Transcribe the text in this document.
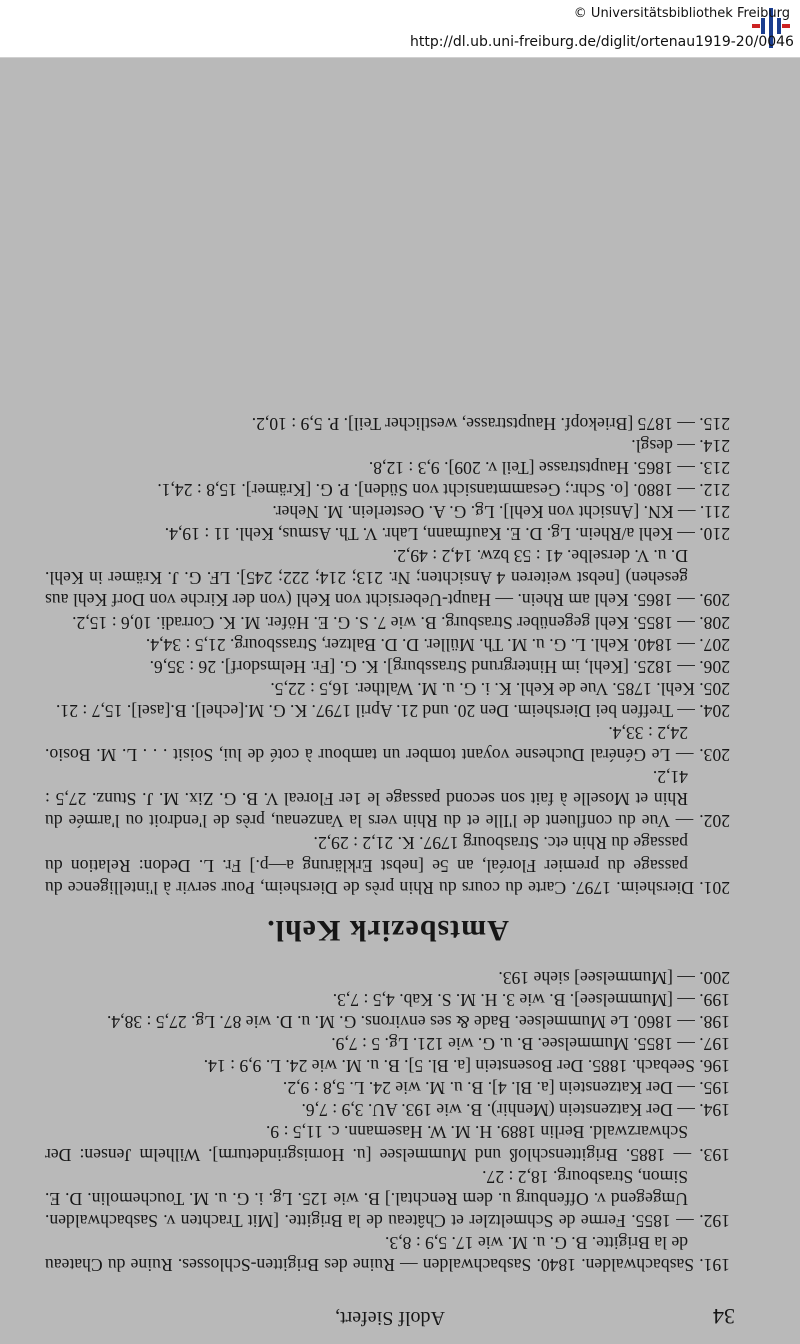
© Universitätsbibliothek Freiburg
http://dl.ub.uni-freiburg.de/diglit/ortenau1919-20/0046
34
Adolf Siefert,
191. Sasbachwalden. 1840. Sasbachwalden — Ruine des Brigitten-Schlosses. Ruine du Chateau de la Brigitte. B. G. u. M. wie 17. 5,9 : 8,3.
192. — 1855. Ferme de Schmeltzler et Château de la Brigitte. [Mit Trachten v. Sasbachwalden. Umgegend v. Offenburg u. dem Renchtal.] B. wie 125. Lg. i. G. u. M. Touchemolin. D. E. Simon, Strasbourg. 18,2 : 27.
193. — 1885. Brigittenschloß und Mummelsee [u. Hornisgrindeturm]. Wilhelm Jensen: Der Schwarzwald. Berlin 1889. H. M. W. Hasemann. c. 11,5 : 9.
194. — Der Katzenstein (Menhir). B. wie 193. AU. 3,9 : 7,6.
195. — Der Katzenstein [a. Bl. 4]. B. u. M. wie 24. L. 5,8 : 9,2.
196. Seebach. 1885. Der Bosenstein [a. Bl. 5]. B. u. M. wie 24. L. 9,9 : 14.
197. — 1855. Mummelsee. B. u. G. wie 121. Lg. 5 : 7,9.
198. — 1860. Le Mummelsee. Bade & ses environs. G. M. u. D. wie 87. Lg. 27,5 : 38,4.
199. — [Mummelsee]. B. wie 3. H. M. S. Kab. 4,5 : 7,3.
200. — [Mummelsee] siehe 193.
Amtsbezirk Kehl.
201. Diersheim. 1797. Carte du cours du Rhin près de Diersheim, Pour servir à l'intelligence du passage du premier Floréal, an 5e [nebst Erklärung a—p.] Fr. L. Dedon: Relation du passage du Rhin etc. Strasbourg 1797. K. 21,2 : 29,2.
202. — Vue du confluent de l'Ille et du Rhin vers la Vanzenau, près de l'endroit ou l'armée du Rhin et Moselle à fait son second passage le 1er Floreal V. B. G. Zix. M. J. Stunz. 27,5 : 41,2.
203. — Le Général Duchesne voyant tomber un tambour à coté de lui, Soisit . . . L. M. Bosio. 24,2 : 33,4.
204. — Treffen bei Diersheim. Den 20. und 21. April 1797. K. G. M.[echel]. B.[asel]. 15,7 : 21.
205. Kehl. 1785. Vue de Kehl. K. i. G. u. M. Walther. 16,5 : 22,5.
206. — 1825. [Kehl, im Hintergrund Strassburg]. K. G. [Fr. Helmsdorf]. 26 : 35,6.
207. — 1840. Kehl. L. G. u. M. Th. Müller. D. D. Baltzer, Strassbourg. 21,5 : 34,4.
208. — 1855. Kehl gegenüber Strasburg. B. wie 7. S. G. E. Höfer. M. K. Corradi. 10,6 : 15,2.
209. — 1865. Kehl am Rhein. — Haupt-Uebersicht von Kehl (von der Kirche von Dorf Kehl aus gesehen) [nebst weiteren 4 Ansichten; Nr. 213; 214; 222; 245]. LF. G. J. Krämer in Kehl. D. u. V. derselbe. 41 : 53 bzw. 14,2 : 49,2.
210. — Kehl a/Rhein. Lg. D. E. Kaufmann, Lahr. V. Th. Asmus, Kehl. 11 : 19,4.
211. — KN. [Ansicht von Kehl]. Lg. G. A. Oesterlein. M. Neher.
212. — 1880. [o. Schr.; Gesammtansicht von Süden]. P. G. [Krämer]. 15,8 : 24,1.
213. — 1865. Hauptstrasse [Teil v. 209]. 9,3 : 12,8.
214. — desgl.
215. — 1875 [Briekopf. Hauptstrasse, westlicher Teil]. P. 5,9 : 10,2.
